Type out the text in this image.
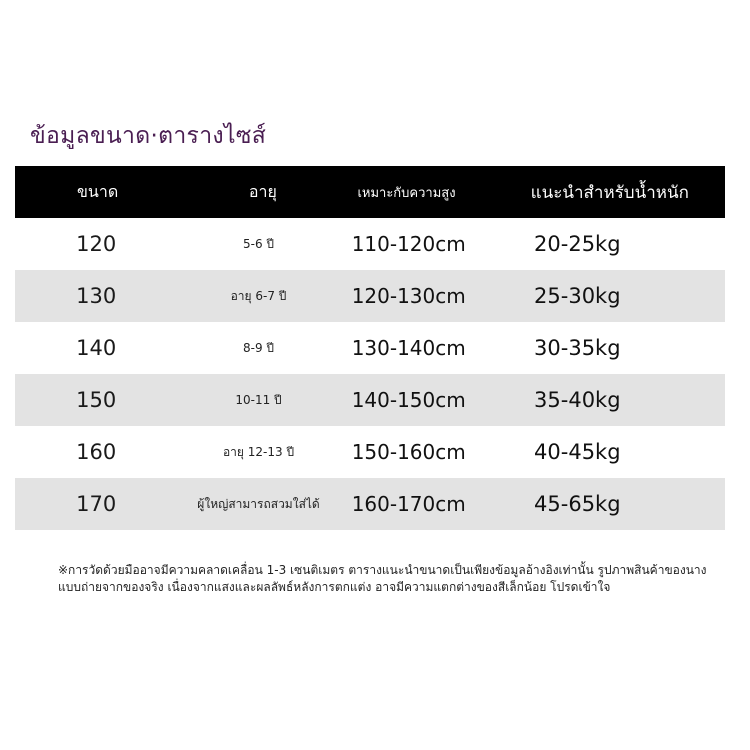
ข้อมูลขนาด·ตารางไซส์
ขนาด	อายุ	เหมาะกับความสูง	แนะนำสำหรับน้ำหนัก
120	5-6 ปี	110-120cm	20-25kg
130	อายุ 6-7 ปี	120-130cm	25-30kg
140	8-9 ปี	130-140cm	30-35kg
150	10-11 ปี	140-150cm	35-40kg
160	อายุ 12-13 ปี	150-160cm	40-45kg
170	ผู้ใหญ่สามารถสวมใส่ได้	160-170cm	45-65kg
※การวัดด้วยมืออาจมีความคลาดเคลื่อน 1-3 เซนติเมตร ตารางแนะนำขนาดเป็นเพียงข้อมูลอ้างอิงเท่านั้น รูปภาพสินค้าของนางแบบถ่ายจากของจริง เนื่องจากแสงและผลลัพธ์หลังการตกแต่ง อาจมีความแตกต่างของสีเล็กน้อย โปรดเข้าใจ
